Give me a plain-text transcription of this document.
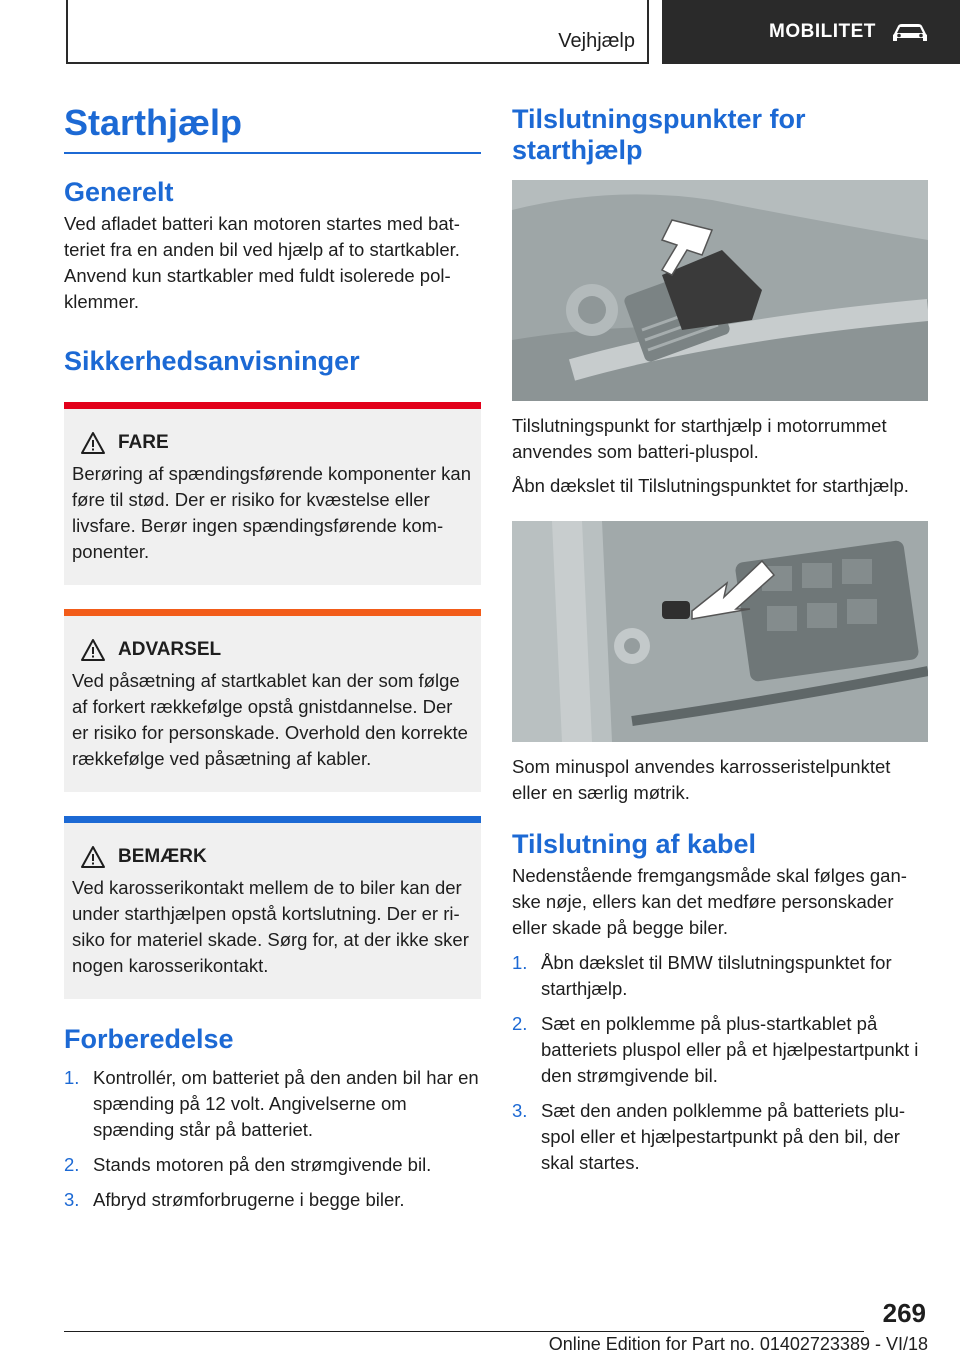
Vejhjælp	MOBILITET
Starthjælp
Generelt

Ved afladet batteri kan motoren startes med batteriet fra en anden bil ved hjælp af to startkabler. Anvend kun startkabler med fuldt isolerede polklemmer.

Sikkerhedsanvisninger
FARE

Berøring af spændingsførende komponenter kan føre til stød. Der er risiko for kvæstelse eller livsfare. Berør ingen spændingsførende komponenter.

ADVARSEL

Ved påsætning af startkablet kan der som følge af forkert rækkefølge opstå gnistdannelse. Der er risiko for personskade. Overhold den korrekte rækkefølge ved påsætning af kabler.

BEMÆRK

Ved karosserikontakt mellem de to biler kan der under starthjælpen opstå kortslutning. Der er risiko for materiel skade. Sørg for, at der ikke sker nogen karosserikontakt.

Forberedelse
1. Kontrollér, om batteriet på den anden bil har en spænding på 12 volt. Angivelserne om spænding står på batteriet.
2. Stands motoren på den strømgivende bil.
3. Afbryd strømforbrugerne i begge biler.
Tilslutningspunkter for starthjælp

Tilslutningspunkt for starthjælp i motorrummet anvendes som batteri-pluspol.

Åbn dækslet til Tilslutningspunktet for starthjælp.

Som minuspol anvendes karrosseristelpunktet eller en særlig møtrik.

Tilslutning af kabel

Nedenstående fremgangsmåde skal følges ganske nøje, ellers kan det medføre personskader eller skade på begge biler.

1. Åbn dækslet til BMW tilslutningspunktet for starthjælp.
2. Sæt en polklemme på plus-startkablet på batteriets pluspol eller på et hjælpestartpunkt i den strømgivende bil.
3. Sæt den anden polklemme på batteriets pluspol eller et hjælpestartpunkt på den bil, der skal startes.
269
Online Edition for Part no. 01402723389 - VI/18
